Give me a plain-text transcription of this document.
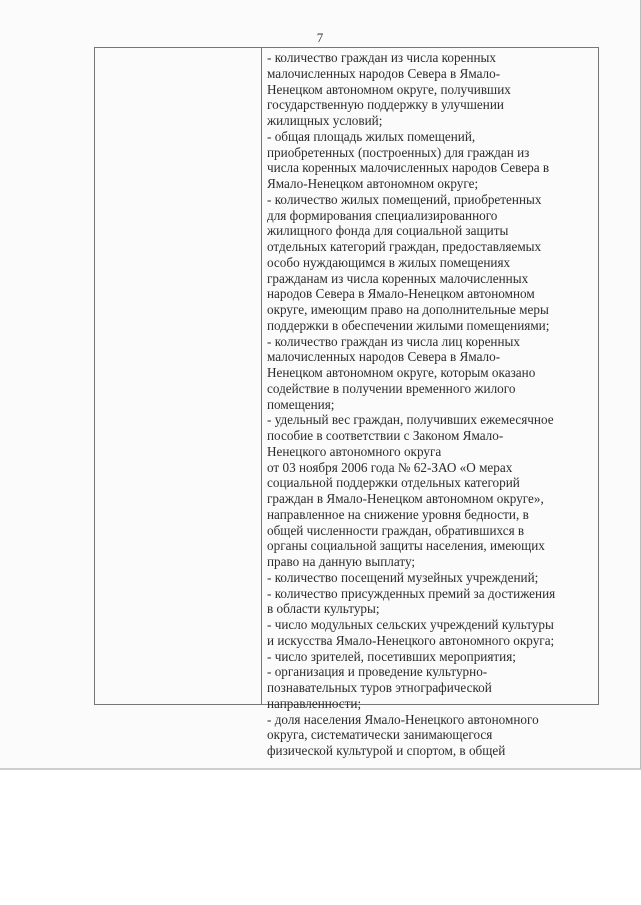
7
- количество граждан из числа коренных
малочисленных народов Севера в Ямало-
Ненецком автономном округе, получивших
государственную поддержку в улучшении
жилищных условий;
- общая площадь жилых помещений,
приобретенных (построенных) для граждан из
числа коренных малочисленных народов Севера в
Ямало-Ненецком автономном округе;
- количество жилых помещений, приобретенных
для формирования специализированного
жилищного фонда для социальной защиты
отдельных категорий граждан, предоставляемых
особо нуждающимся в жилых помещениях
гражданам из числа коренных малочисленных
народов Севера в Ямало-Ненецком автономном
округе, имеющим право на дополнительные меры
поддержки в обеспечении жилыми помещениями;
- количество граждан из числа лиц коренных
малочисленных народов Севера в Ямало-
Ненецком автономном округе, которым оказано
содействие в получении временного жилого
помещения;
- удельный вес граждан, получивших ежемесячное
пособие в соответствии с Законом Ямало-
Ненецкого автономного округа
от 03 ноября 2006 года № 62-ЗАО «О мерах
социальной поддержки отдельных категорий
граждан в Ямало-Ненецком автономном округе»,
направленное на снижение уровня бедности, в
общей численности граждан, обратившихся в
органы социальной защиты населения, имеющих
право на данную выплату;
- количество посещений музейных учреждений;
- количество присужденных премий за достижения
в области культуры;
- число модульных сельских учреждений культуры
и искусства Ямало-Ненецкого автономного округа;
- число зрителей, посетивших мероприятия;
- организация и проведение культурно-
познавательных туров этнографической
направленности;
- доля населения Ямало-Ненецкого автономного
округа, систематически занимающегося
физической культурой и спортом, в общей
